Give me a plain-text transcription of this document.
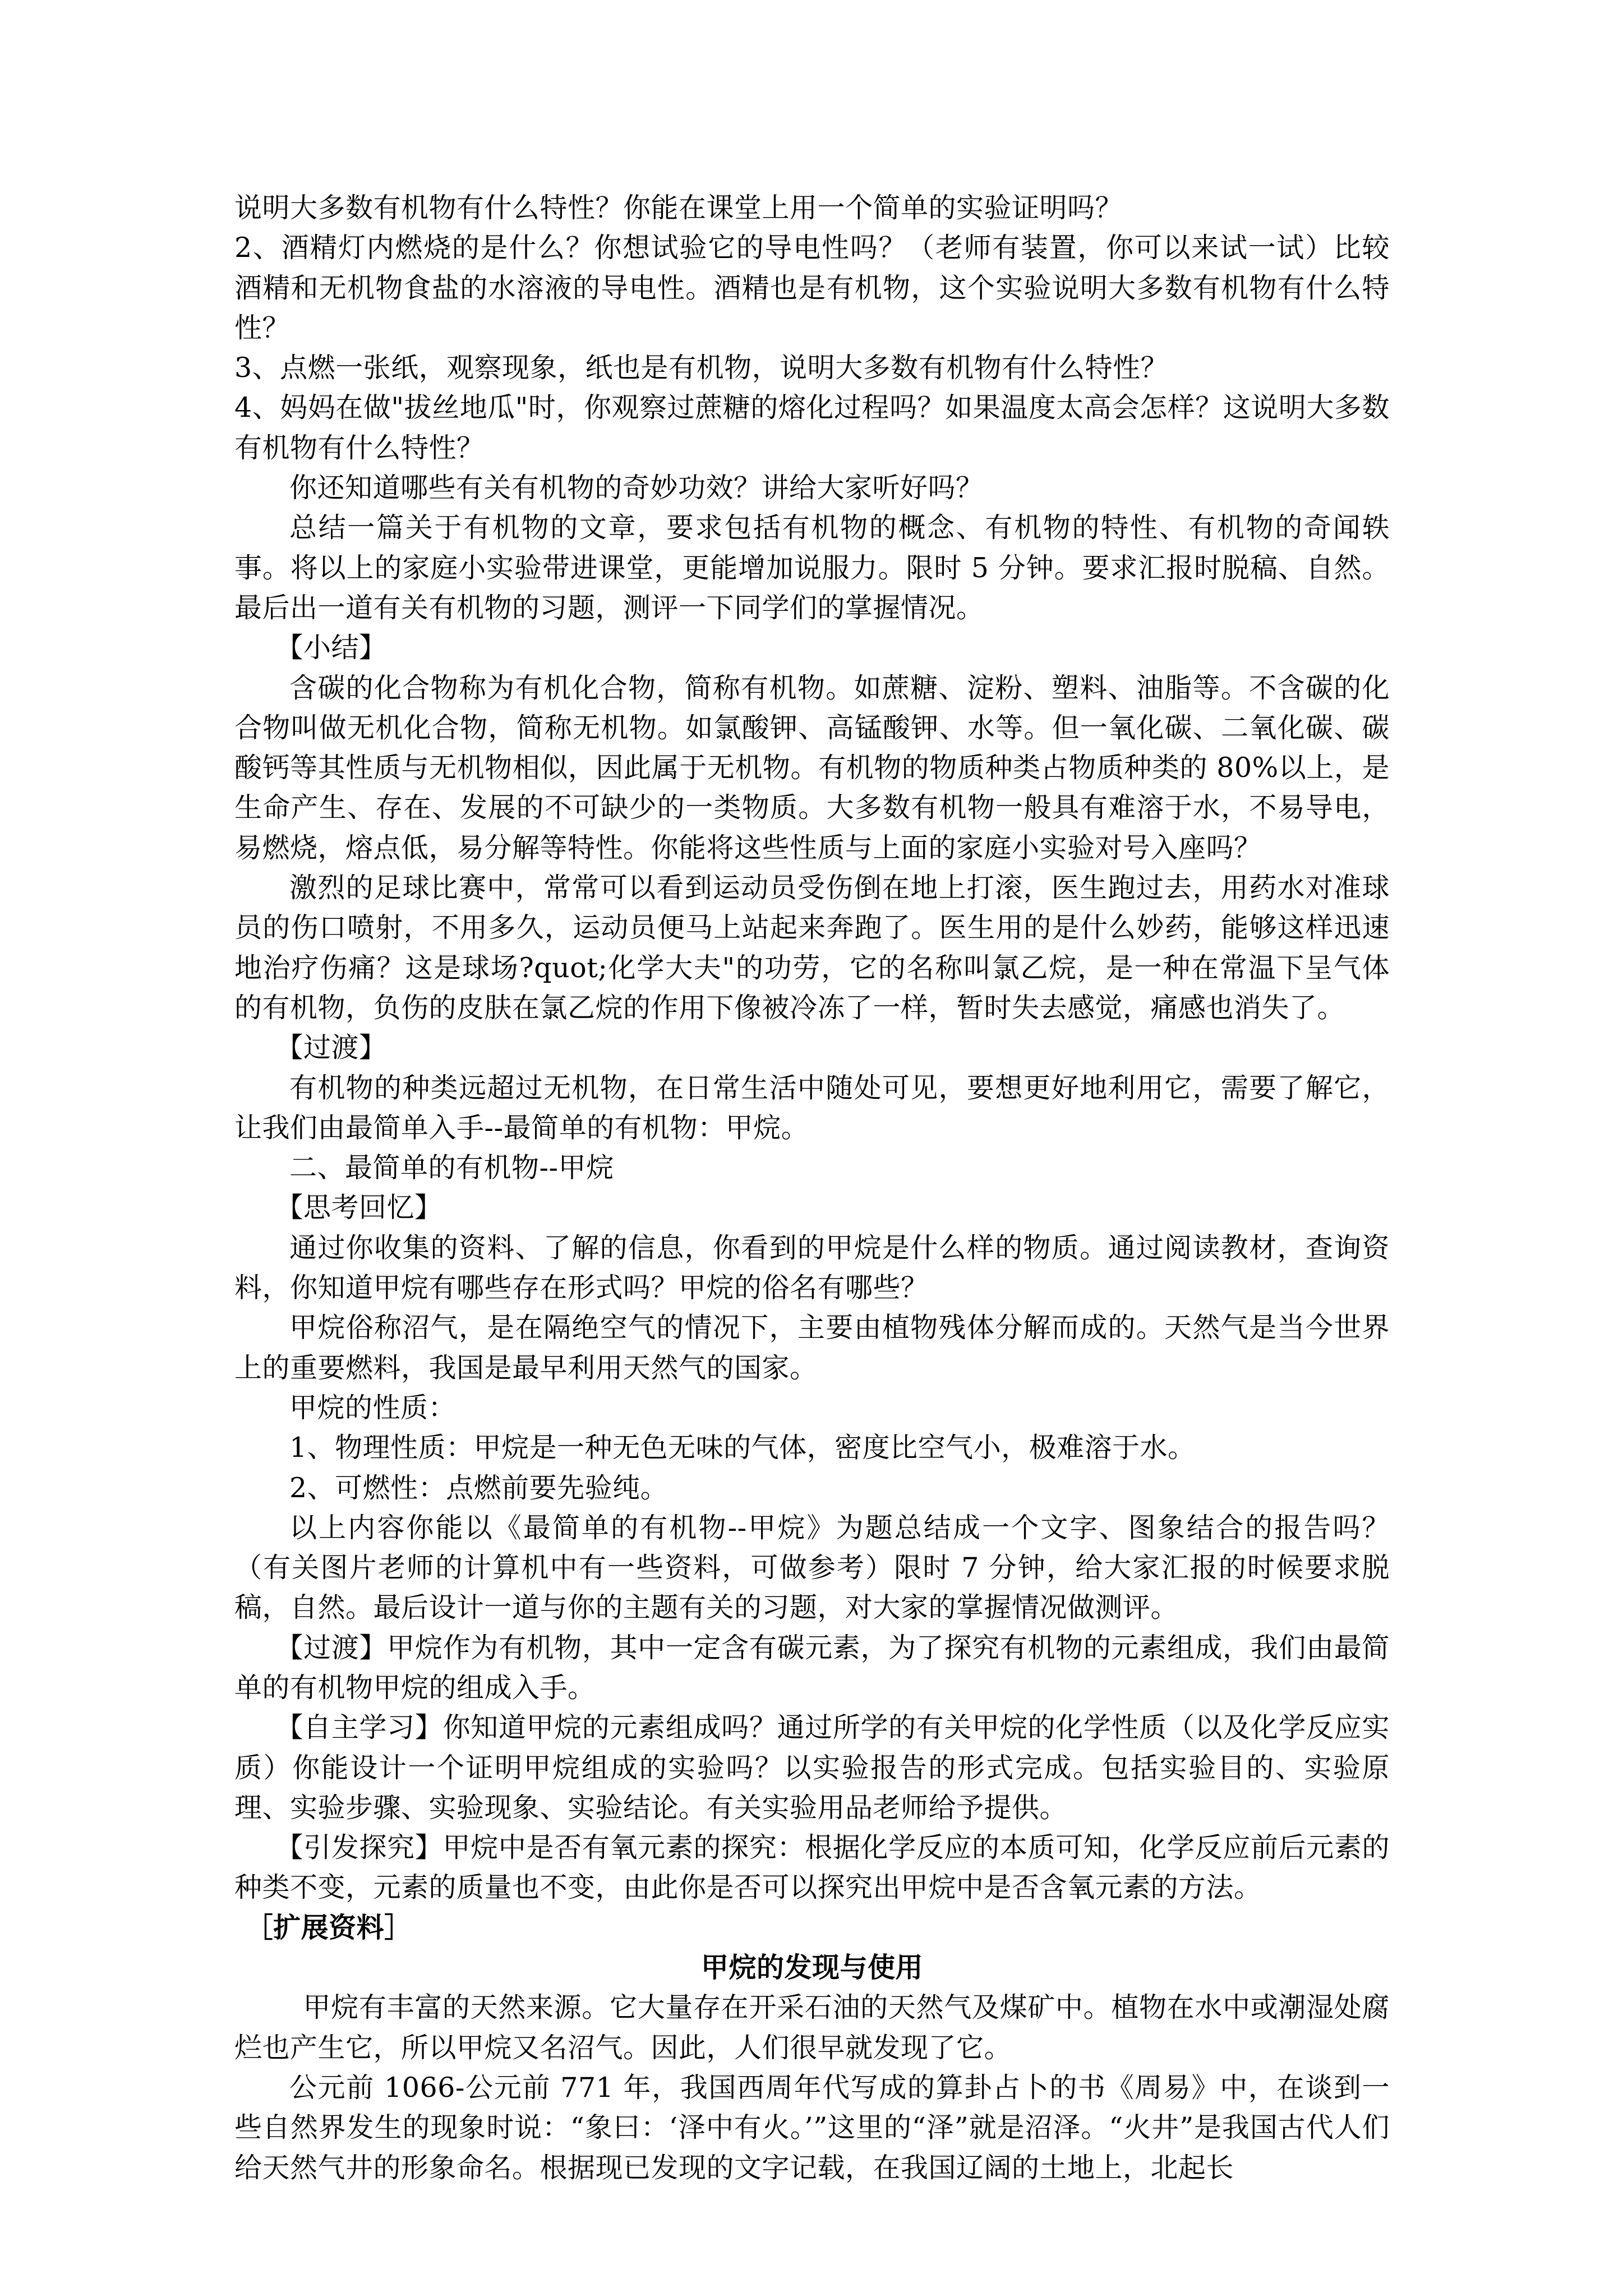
说明大多数有机物有什么特性？你能在课堂上用一个简单的实验证明吗？

2、酒精灯内燃烧的是什么？你想试验它的导电性吗？（老师有装置，你可以来试一试）比较酒精和无机物食盐的水溶液的导电性。酒精也是有机物，这个实验说明大多数有机物有什么特性？

3、点燃一张纸，观察现象，纸也是有机物，说明大多数有机物有什么特性？

4、妈妈在做"拔丝地瓜"时，你观察过蔗糖的熔化过程吗？如果温度太高会怎样？这说明大多数有机物有什么特性？

你还知道哪些有关有机物的奇妙功效？讲给大家听好吗？

总结一篇关于有机物的文章，要求包括有机物的概念、有机物的特性、有机物的奇闻轶事。将以上的家庭小实验带进课堂，更能增加说服力。限时 5 分钟。要求汇报时脱稿、自然。最后出一道有关有机物的习题，测评一下同学们的掌握情况。

【小结】

含碳的化合物称为有机化合物，简称有机物。如蔗糖、淀粉、塑料、油脂等。不含碳的化合物叫做无机化合物，简称无机物。如氯酸钾、高锰酸钾、水等。但一氧化碳、二氧化碳、碳酸钙等其性质与无机物相似，因此属于无机物。有机物的物质种类占物质种类的 80%以上，是生命产生、存在、发展的不可缺少的一类物质。大多数有机物一般具有难溶于水，不易导电，易燃烧，熔点低，易分解等特性。你能将这些性质与上面的家庭小实验对号入座吗？

激烈的足球比赛中，常常可以看到运动员受伤倒在地上打滚，医生跑过去，用药水对准球员的伤口喷射，不用多久，运动员便马上站起来奔跑了。医生用的是什么妙药，能够这样迅速地治疗伤痛？这是球场?quot;化学大夫"的功劳，它的名称叫氯乙烷，是一种在常温下呈气体的有机物，负伤的皮肤在氯乙烷的作用下像被冷冻了一样，暂时失去感觉，痛感也消失了。

【过渡】

有机物的种类远超过无机物，在日常生活中随处可见，要想更好地利用它，需要了解它，让我们由最简单入手--最简单的有机物：甲烷。

二、最简单的有机物--甲烷

【思考回忆】

通过你收集的资料、了解的信息，你看到的甲烷是什么样的物质。通过阅读教材，查询资料，你知道甲烷有哪些存在形式吗？甲烷的俗名有哪些？

甲烷俗称沼气，是在隔绝空气的情况下，主要由植物残体分解而成的。天然气是当今世界上的重要燃料，我国是最早利用天然气的国家。

甲烷的性质：

1、物理性质：甲烷是一种无色无味的气体，密度比空气小，极难溶于水。

2、可燃性：点燃前要先验纯。

以上内容你能以《最简单的有机物--甲烷》为题总结成一个文字、图象结合的报告吗？（有关图片老师的计算机中有一些资料，可做参考）限时 7 分钟，给大家汇报的时候要求脱稿，自然。最后设计一道与你的主题有关的习题，对大家的掌握情况做测评。

【过渡】甲烷作为有机物，其中一定含有碳元素，为了探究有机物的元素组成，我们由最简单的有机物甲烷的组成入手。

【自主学习】你知道甲烷的元素组成吗？通过所学的有关甲烷的化学性质（以及化学反应实质）你能设计一个证明甲烷组成的实验吗？以实验报告的形式完成。包括实验目的、实验原理、实验步骤、实验现象、实验结论。有关实验用品老师给予提供。

【引发探究】甲烷中是否有氧元素的探究：根据化学反应的本质可知，化学反应前后元素的种类不变，元素的质量也不变，由此你是否可以探究出甲烷中是否含氧元素的方法。

［扩展资料］

甲烷的发现与使用

甲烷有丰富的天然来源。它大量存在开采石油的天然气及煤矿中。植物在水中或潮湿处腐烂也产生它，所以甲烷又名沼气。因此，人们很早就发现了它。

公元前 1066-公元前 771 年，我国西周年代写成的算卦占卜的书《周易》中，在谈到一些自然界发生的现象时说：“象曰：‘泽中有火。’”这里的“泽”就是沼泽。“火井”是我国古代人们给天然气井的形象命名。根据现已发现的文字记载，在我国辽阔的土地上，北起长
